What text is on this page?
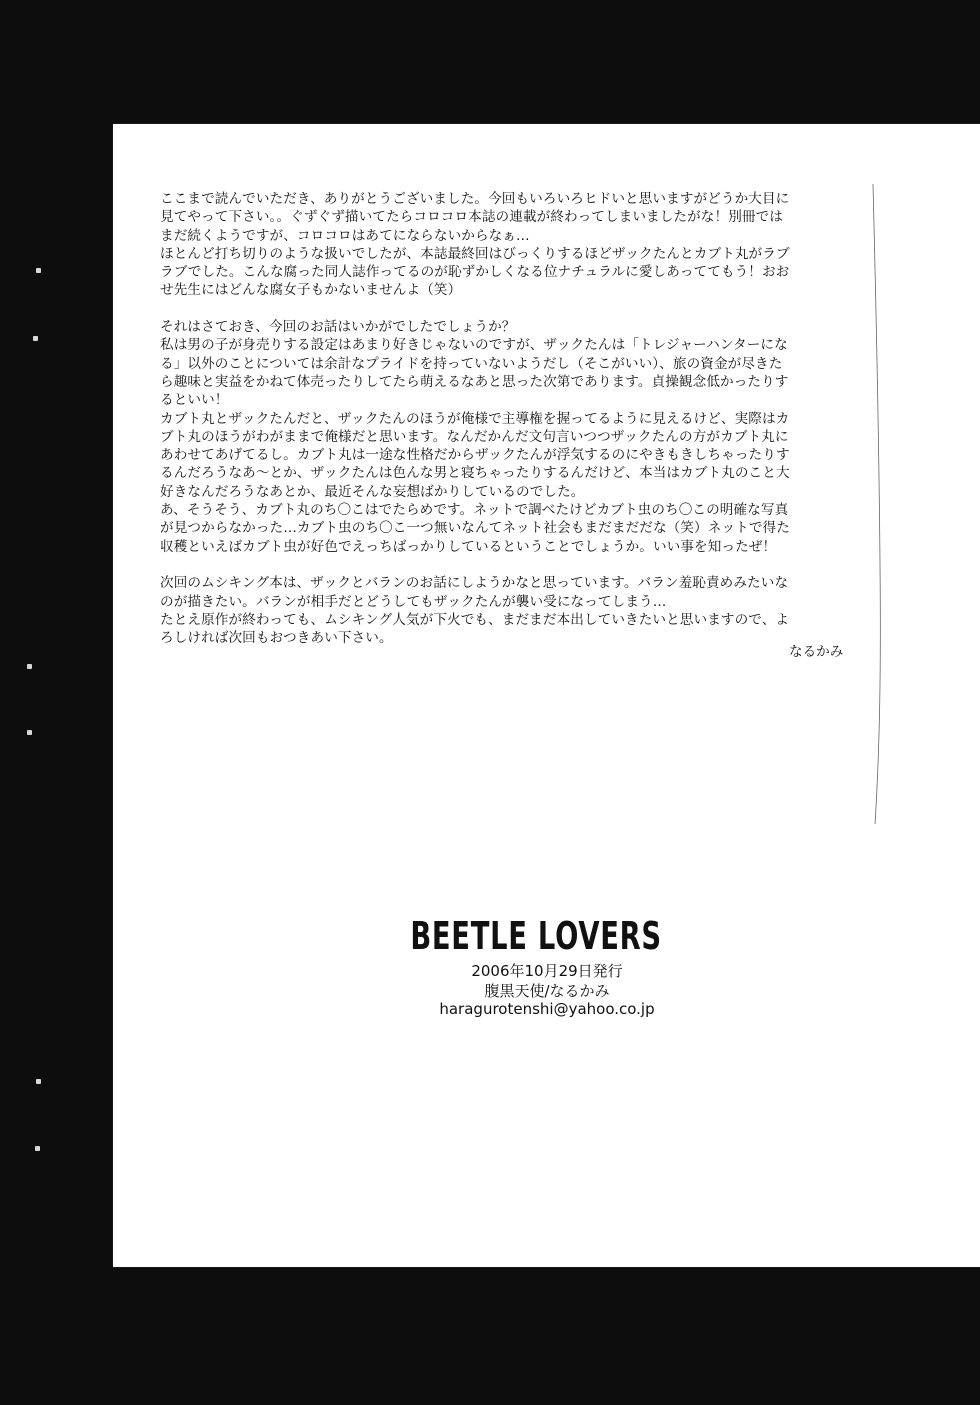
ここまで読んでいただき、ありがとうございました。今回もいろいろヒドいと思いますがどうか大目に
見てやって下さい。。ぐずぐず描いてたらコロコロ本誌の連載が終わってしまいましたがな！別冊では
まだ続くようですが、コロコロはあてにならないからなぁ…
ほとんど打ち切りのような扱いでしたが、本誌最終回はびっくりするほどザックたんとカブト丸がラブ
ラブでした。こんな腐った同人誌作ってるのが恥ずかしくなる位ナチュラルに愛しあっててもう！おお
せ先生にはどんな腐女子もかないませんよ（笑）
それはさておき、今回のお話はいかがでしたでしょうか？
私は男の子が身売りする設定はあまり好きじゃないのですが、ザックたんは「トレジャーハンターにな
る」以外のことについては余計なプライドを持っていないようだし（そこがいい）、旅の資金が尽きた
ら趣味と実益をかねて体売ったりしてたら萌えるなあと思った次第であります。貞操観念低かったりす
るといい！
カブト丸とザックたんだと、ザックたんのほうが俺様で主導権を握ってるように見えるけど、実際はカ
ブト丸のほうがわがままで俺様だと思います。なんだかんだ文句言いつつザックたんの方がカブト丸に
あわせてあげてるし。カブト丸は一途な性格だからザックたんが浮気するのにやきもきしちゃったりす
るんだろうなあ～とか、ザックたんは色んな男と寝ちゃったりするんだけど、本当はカブト丸のこと大
好きなんだろうなあとか、最近そんな妄想ばかりしているのでした。
あ、そうそう、カブト丸のち〇こはでたらめです。ネットで調べたけどカブト虫のち〇この明確な写真
が見つからなかった…カブト虫のち〇こ一つ無いなんてネット社会もまだまだだな（笑）ネットで得た
収穫といえばカブト虫が好色でえっちばっかりしているということでしょうか。いい事を知ったぜ！
次回のムシキング本は、ザックとバランのお話にしようかなと思っています。バラン羞恥責めみたいな
のが描きたい。バランが相手だとどうしてもザックたんが襲い受になってしまう…
たとえ原作が終わっても、ムシキング人気が下火でも、まだまだ本出していきたいと思いますので、よ
ろしければ次回もおつきあい下さい。
なるかみ
BEETLE LOVERS
2006年10月29日発行
腹黒天使/なるかみ
haragurotenshi@yahoo.co.jp
